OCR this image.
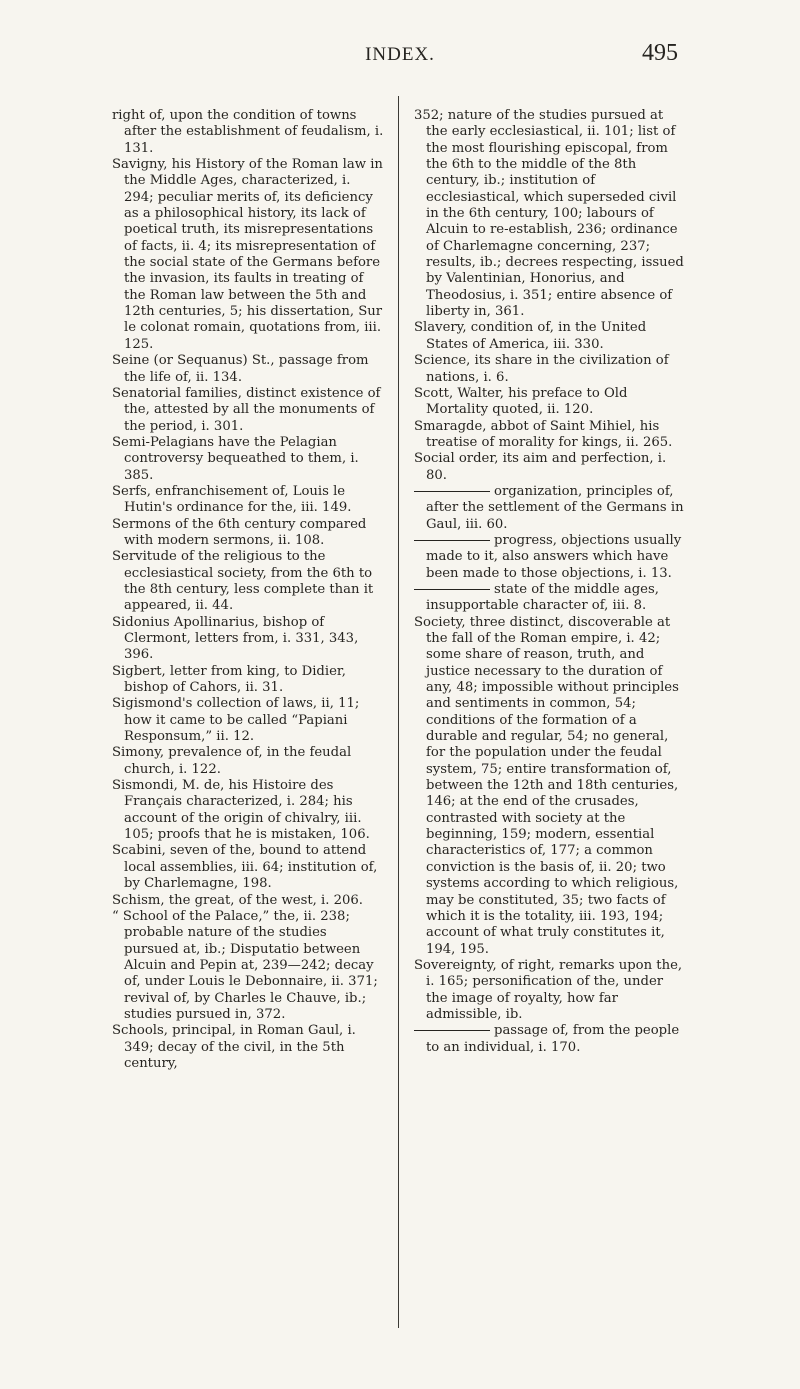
INDEX.	495

right of, upon the condition of towns after the establishment of feudalism, i. 131.

Savigny, his History of the Roman law in the Middle Ages, characterized, i. 294; peculiar merits of, its deficiency as a philosophical history, its lack of poetical truth, its misrepresentations of facts, ii. 4; its misrepresentation of the social state of the Germans before the invasion, its faults in treating of the Roman law between the 5th and 12th centuries, 5; his dissertation, Sur le colonat romain, quotations from, iii. 125.

Seine (or Sequanus) St., passage from the life of, ii. 134.

Senatorial families, distinct existence of the, attested by all the monuments of the period, i. 301.

Semi-Pelagians have the Pelagian controversy bequeathed to them, i. 385.

Serfs, enfranchisement of, Louis le Hutin's ordinance for the, iii. 149.

Sermons of the 6th century compared with modern sermons, ii. 108.

Servitude of the religious to the ecclesiastical society, from the 6th to the 8th century, less complete than it appeared, ii. 44.

Sidonius Apollinarius, bishop of Clermont, letters from, i. 331, 343, 396.

Sigbert, letter from king, to Didier, bishop of Cahors, ii. 31.

Sigismond's collection of laws, ii, 11; how it came to be called “Papiani Responsum,” ii. 12.

Simony, prevalence of, in the feudal church, i. 122.

Sismondi, M. de, his Histoire des Français characterized, i. 284; his account of the origin of chivalry, iii. 105; proofs that he is mistaken, 106.

Scabini, seven of the, bound to attend local assemblies, iii. 64; institution of, by Charlemagne, 198.

Schism, the great, of the west, i. 206.

“ School of the Palace,” the, ii. 238; probable nature of the studies pursued at, ib.; Disputatio between Alcuin and Pepin at, 239—242; decay of, under Louis le Debonnaire, ii. 371; revival of, by Charles le Chauve, ib.; studies pursued in, 372.

Schools, principal, in Roman Gaul, i. 349; decay of the civil, in the 5th century,

352; nature of the studies pursued at the early ecclesiastical, ii. 101; list of the most flourishing episcopal, from the 6th to the middle of the 8th century, ib.; institution of ecclesiastical, which superseded civil in the 6th century, 100; labours of Alcuin to re-establish, 236; ordinance of Charlemagne concerning, 237; results, ib.; decrees respecting, issued by Valentinian, Honorius, and Theodosius, i. 351; entire absence of liberty in, 361.

Slavery, condition of, in the United States of America, iii. 330.

Science, its share in the civilization of nations, i. 6.

Scott, Walter, his preface to Old Mortality quoted, ii. 120.

Smaragde, abbot of Saint Mihiel, his treatise of morality for kings, ii. 265.

Social order, its aim and perfection, i. 80.

organization, principles of, after the settlement of the Germans in Gaul, iii. 60.

progress, objections usually made to it, also answers which have been made to those objections, i. 13.

state of the middle ages, insupportable character of, iii. 8.

Society, three distinct, discoverable at the fall of the Roman empire, i. 42; some share of reason, truth, and justice necessary to the duration of any, 48; impossible without principles and sentiments in common, 54; conditions of the formation of a durable and regular, 54; no general, for the population under the feudal system, 75; entire transformation of, between the 12th and 18th centuries, 146; at the end of the crusades, contrasted with society at the beginning, 159; modern, essential characteristics of, 177; a common conviction is the basis of, ii. 20; two systems according to which religious, may be constituted, 35; two facts of which it is the totality, iii. 193, 194; account of what truly constitutes it, 194, 195.

Sovereignty, of right, remarks upon the, i. 165; personification of the, under the image of royalty, how far admissible, ib.

passage of, from the people to an individual, i. 170.
